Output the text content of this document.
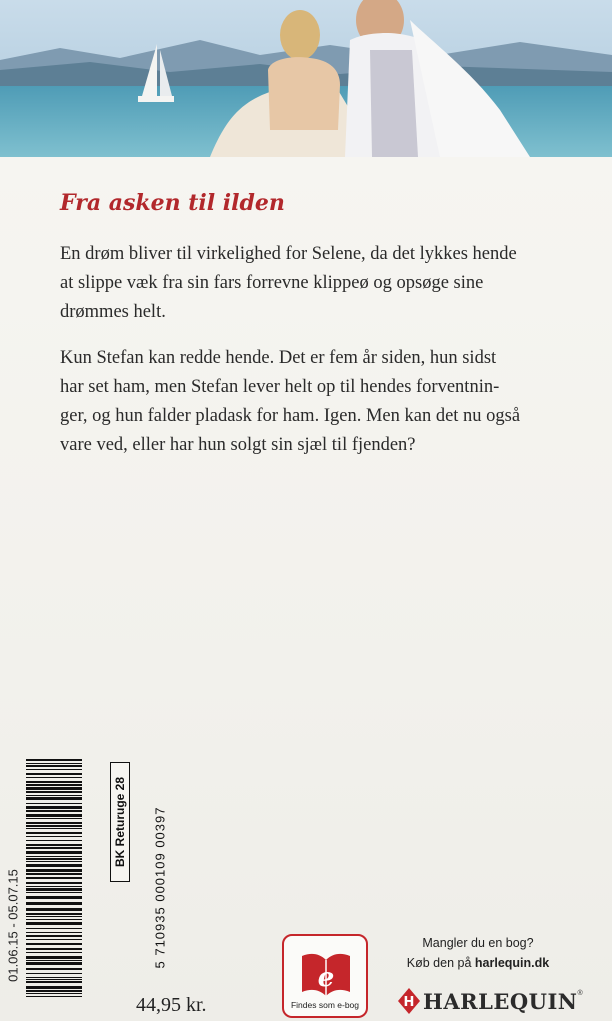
Fra asken til ilden

En drøm bliver til virkelighed for Selene, da det lykkes hende
at slippe væk fra sin fars forrevne klippeø og opsøge sine
drømmes helt.

Kun Stefan kan redde hende. Det er fem år siden, hun sidst
har set ham, men Stefan lever helt op til hendes forventnin-
ger, og hun falder pladask for ham. Igen. Men kan det nu også
vare ved, eller har hun solgt sin sjæl til fjenden?

01.06.15 - 05.07.15	5 710935 000109 00397
BK Returuge 28
44,95 kr.
e
Findes som e-bog
Mangler du en bog?
Køb den på harlequin.dk
H HARLEQUIN ®
